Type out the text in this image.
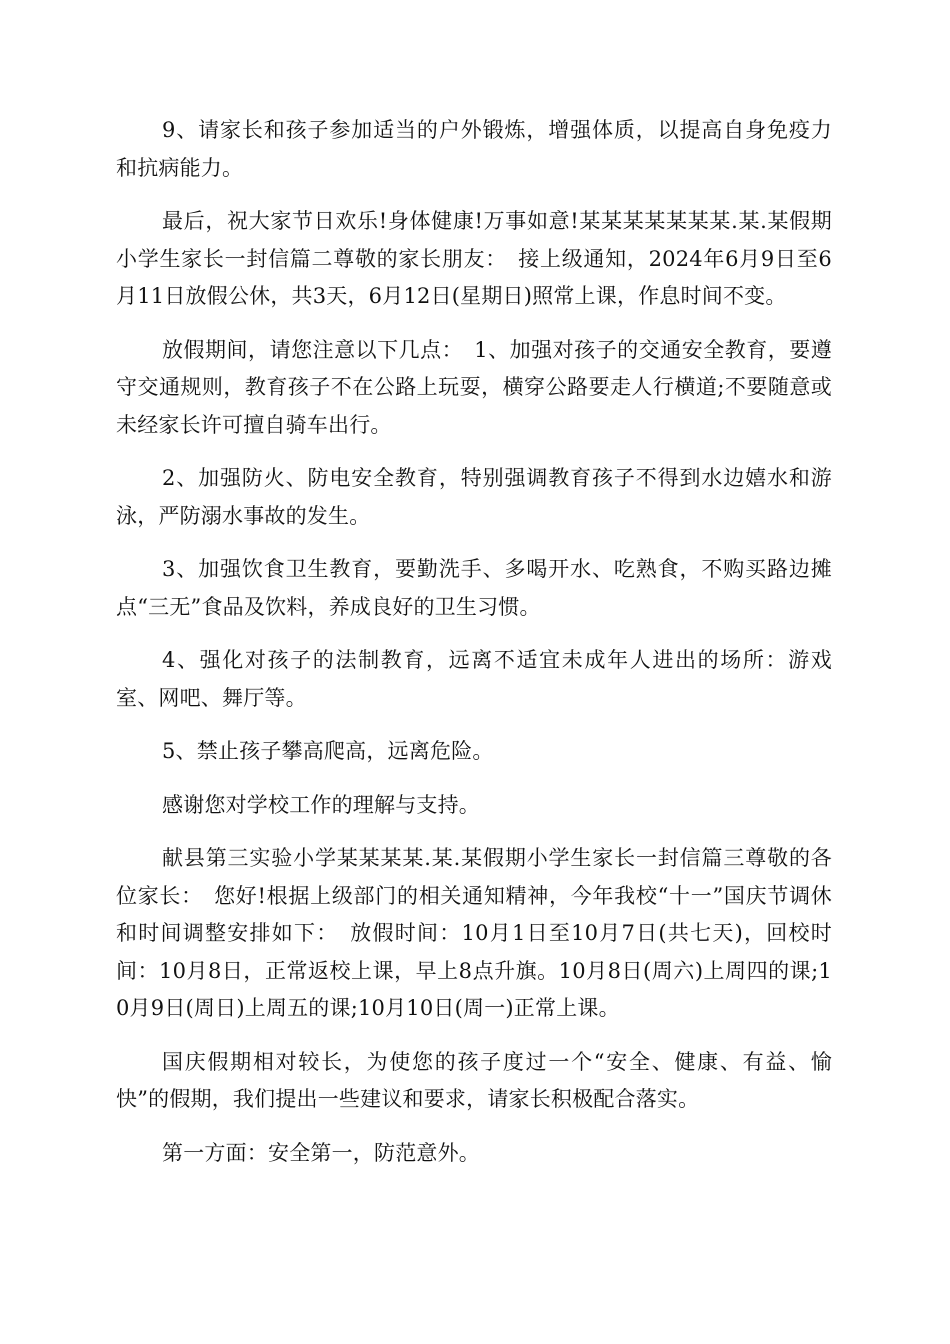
9、请家长和孩子参加适当的户外锻炼，增强体质，以提高自身免疫力和抗病能力。

最后，祝大家节日欢乐!身体健康!万事如意!某某某某某某某.某.某假期小学生家长一封信篇二尊敬的家长朋友：　接上级通知，2024年6月9日至6月11日放假公休，共3天，6月12日(星期日)照常上课，作息时间不变。

放假期间，请您注意以下几点：　1、加强对孩子的交通安全教育，要遵守交通规则，教育孩子不在公路上玩耍，横穿公路要走人行横道;不要随意或未经家长许可擅自骑车出行。

2、加强防火、防电安全教育，特别强调教育孩子不得到水边嬉水和游泳，严防溺水事故的发生。

3、加强饮食卫生教育，要勤洗手、多喝开水、吃熟食，不购买路边摊点“三无”食品及饮料，养成良好的卫生习惯。

4、强化对孩子的法制教育，远离不适宜未成年人进出的场所：游戏室、网吧、舞厅等。

5、禁止孩子攀高爬高，远离危险。

感谢您对学校工作的理解与支持。

献县第三实验小学某某某某.某.某假期小学生家长一封信篇三尊敬的各位家长：　您好!根据上级部门的相关通知精神，今年我校“十一”国庆节调休和时间调整安排如下：　放假时间：10月1日至10月7日(共七天)，回校时间：10月8日，正常返校上课，早上8点升旗。10月8日(周六)上周四的课;10月9日(周日)上周五的课;10月10日(周一)正常上课。

国庆假期相对较长，为使您的孩子度过一个“安全、健康、有益、愉快”的假期，我们提出一些建议和要求，请家长积极配合落实。

第一方面：安全第一，防范意外。
